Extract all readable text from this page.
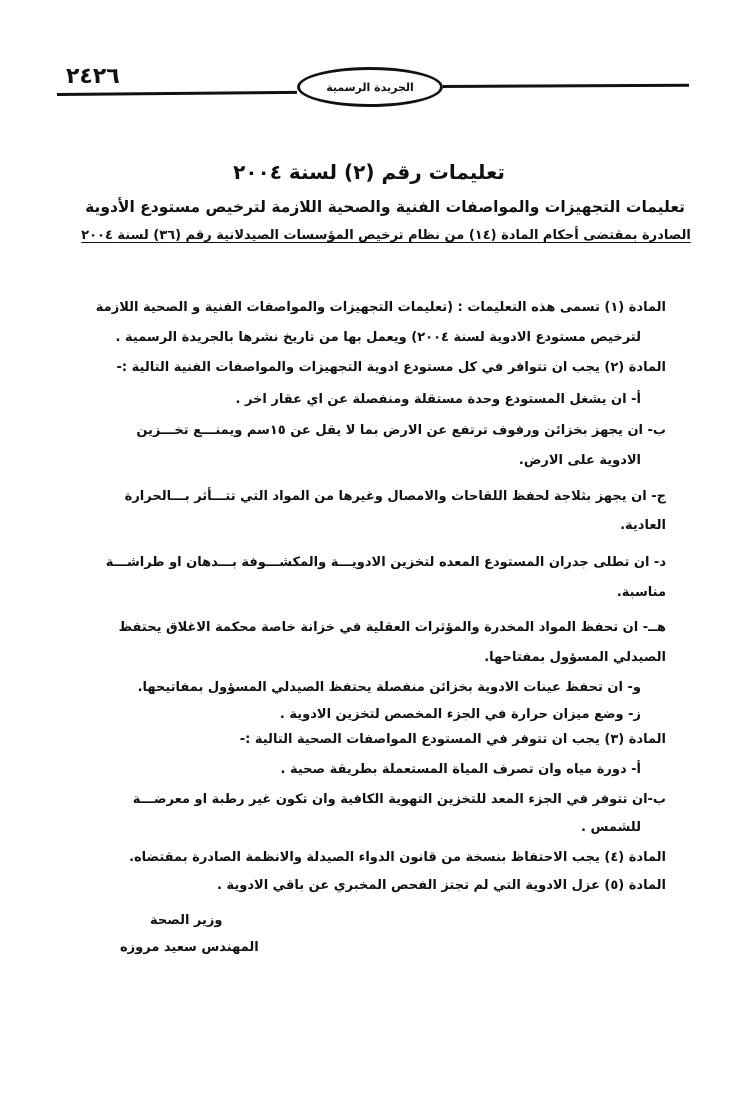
٢٤٢٦	الجريدة الرسمية
تعليمات رقم (٢) لسنة ٢٠٠٤
تعليمات التجهيزات والمواصفات الفنية والصحية اللازمة لترخيص مستودع الأدوية
الصادرة بمقتضى أحكام المادة (١٤) من نظام ترخيص المؤسسات الصيدلانية رقم (٣٦) لسنة ٢٠٠٤
المادة (١) تسمى هذه التعليمات : (تعليمات التجهيزات والمواصفات الفنية و الصحية اللازمة
لترخيص مستودع الادوية لسنة ٢٠٠٤) ويعمل بها من تاريخ نشرها بالجريدة الرسمية .
المادة (٢) يجب ان تتوافر في كل مستودع ادوية التجهيزات والمواصفات الفنية التالية :-
أ- ان يشغل المستودع وحدة مستقلة ومنفصلة عن اي عقار اخر .
ب- ان يجهز بخزائن ورفوف ترتفع عن الارض بما لا يقل عن ١٥سم ويمنـــع تخـــزين
الادوية على الارض.
ج- ان يجهز بثلاجة لحفظ اللقاحات والامصال وغيرها من المواد التي تتـــأثر بـــالحرارة
العادية.
د- ان تطلى جدران المستودع المعده لتخزين الادويـــة والمكشـــوفة بـــدهان او طراشـــة
مناسبة.
هــ- ان تحفظ المواد المخدرة والمؤثرات العقلية في خزانة خاصة محكمة الاغلاق يحتفظ
الصيدلي المسؤول بمفتاحها.
و- ان تحفظ عينات الادوية بخزائن منفصلة يحتفظ الصيدلي المسؤول بمفاتيحها.
ز- وضع ميزان حرارة في الجزء المخصص لتخزين الادوية .
المادة (٣) يجب ان تتوفر في المستودع المواصفات الصحية التالية :-
أ- دورة مياه وان تصرف المياة المستعملة بطريقة صحية .
ب-ان تتوفر في الجزء المعد للتخزين التهوية الكافية وان تكون غير رطبة او معرضـــة
للشمس .
المادة (٤) يجب الاحتفاظ بنسخة من قانون الدواء الصيدلة والانظمة الصادرة بمقتضاه.
المادة (٥) عزل الادوية التي لم تجتز الفحص المخبري عن باقي الادوية .
وزير الصحة
المهندس سعيد مروزه
